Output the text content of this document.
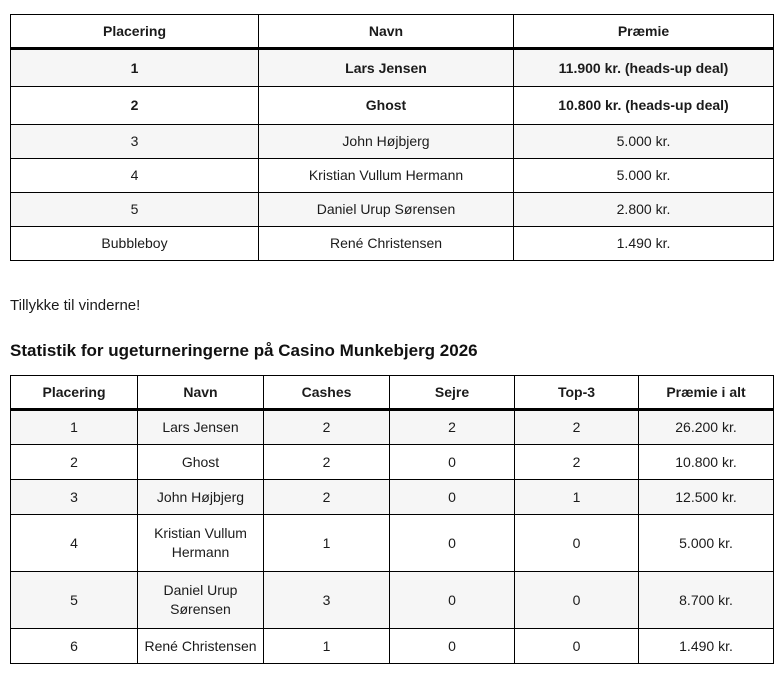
Placering	Navn	Præmie
1	Lars Jensen	11.900 kr. (heads-up deal)
2	Ghost	10.800 kr. (heads-up deal)
3	John Højbjerg	5.000 kr.
4	Kristian Vullum Hermann	5.000 kr.
5	Daniel Urup Sørensen	2.800 kr.
Bubbleboy	René Christensen	1.490 kr.

Tillykke til vinderne!

Statistik for ugeturneringerne på Casino Munkebjerg 2026
Placering	Navn	Cashes	Sejre	Top-3	Præmie i alt
1	Lars Jensen	2	2	2	26.200 kr.
2	Ghost	2	0	2	10.800 kr.
3	John Højbjerg	2	0	1	12.500 kr.
4	Kristian Vullum Hermann	1	0	0	5.000 kr.
5	Daniel Urup Sørensen	3	0	0	8.700 kr.
6	René Christensen	1	0	0	1.490 kr.
